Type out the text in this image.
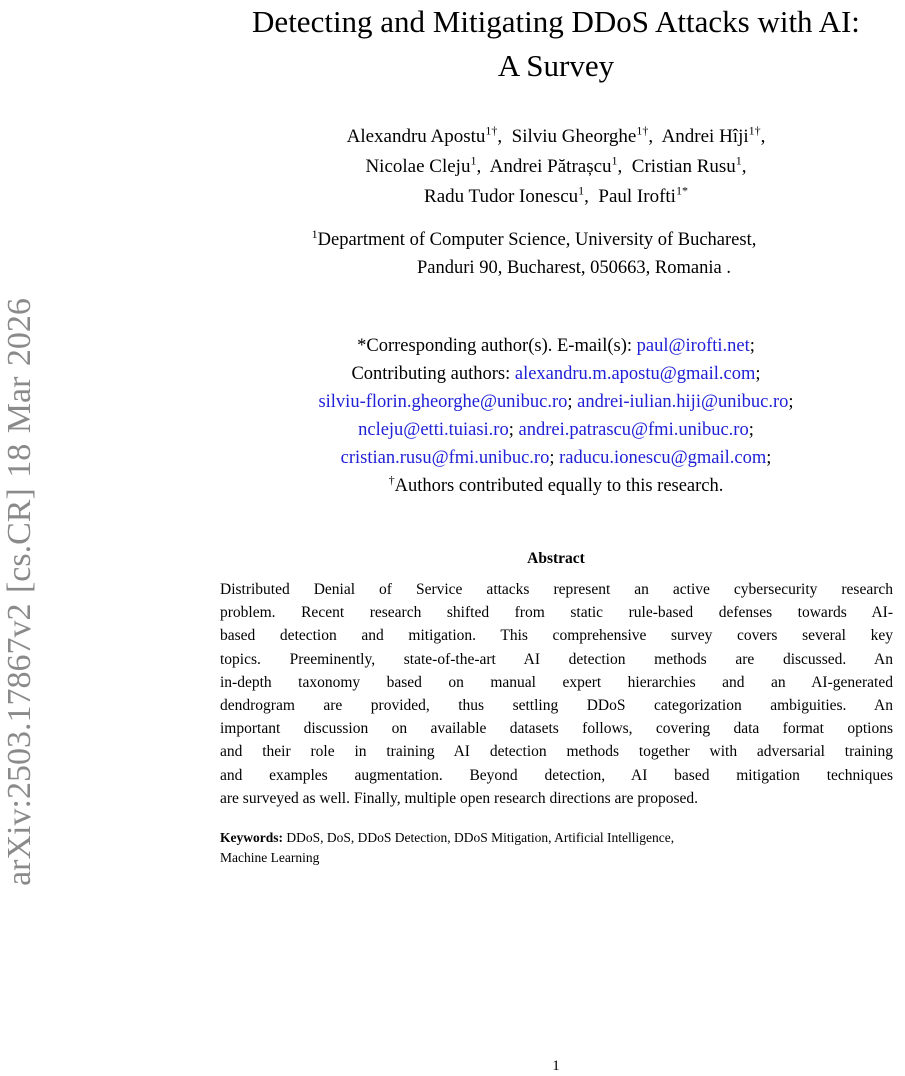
arXiv:2503.17867v2 [cs.CR] 18 Mar 2026
Detecting and Mitigating DDoS Attacks with AI:
A Survey
Alexandru Apostu$^{1\dagger}$,  Silviu Gheorghe$^{1\dagger}$,  Andrei Hîji$^{1\dagger}$,
Nicolae Cleju$^1$,  Andrei Pătrașcu$^1$,  Cristian Rusu$^1$,
Radu Tudor Ionescu$^1$,  Paul Irofti$^{1*}$
$^1$Department of Computer Science, University of Bucharest,
Panduri 90, Bucharest, 050663, Romania .
*Corresponding author(s). E-mail(s): paul@irofti.net;
Contributing authors: alexandru.m.apostu@gmail.com;
silviu-florin.gheorghe@unibuc.ro; andrei-iulian.hiji@unibuc.ro;
ncleju@etti.tuiasi.ro; andrei.patrascu@fmi.unibuc.ro;
cristian.rusu@fmi.unibuc.ro; raducu.ionescu@gmail.com;
†Authors contributed equally to this research.
Abstract
Distributed Denial of Service attacks represent an active cybersecurity research
problem. Recent research shifted from static rule-based defenses towards AI-
based detection and mitigation. This comprehensive survey covers several key
topics. Preeminently, state-of-the-art AI detection methods are discussed. An
in-depth taxonomy based on manual expert hierarchies and an AI-generated
dendrogram are provided, thus settling DDoS categorization ambiguities. An
important discussion on available datasets follows, covering data format options
and their role in training AI detection methods together with adversarial training
and examples augmentation. Beyond detection, AI based mitigation techniques
are surveyed as well. Finally, multiple open research directions are proposed.
Keywords: DDoS, DoS, DDoS Detection, DDoS Mitigation, Artificial Intelligence,
Machine Learning
1
